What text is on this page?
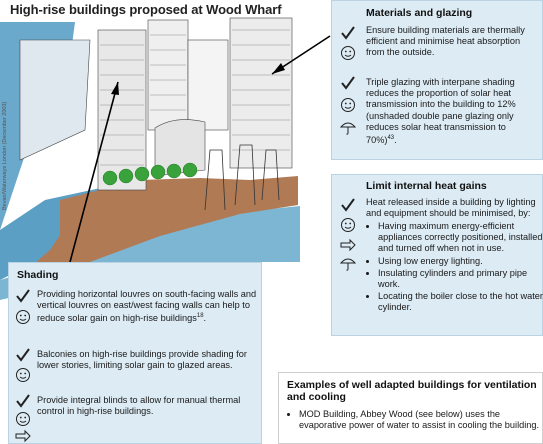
High-rise buildings proposed at Wood Wharf
Bevan/Waterways London (December 2003)
Materials and glazing
Ensure building materials are thermally efficient and minimise heat absorption from the outside.
Triple glazing with interpane shading reduces the proportion of solar heat transmission into the building to 12% (unshaded double pane glazing only reduces solar heat transmission to 70%)$^{43}$.
Limit internal heat gains
Heat released inside a building by lighting and equipment should be minimised, by:
• Having maximum energy-efficient appliances correctly positioned, installed and turned off when not in use.
• Using low energy lighting.
• Insulating cylinders and primary pipe work.
• Locating the boiler close to the hot water cylinder.
Shading
Providing horizontal louvres on south-facing walls and vertical louvres on east/west facing walls can help to reduce solar gain on high-rise buildings$^{18}$.
Balconies on high-rise buildings provide shading for lower stories, limiting solar gain to glazed areas.
Provide integral blinds to allow for manual thermal control in high-rise buildings.
Examples of well adapted buildings for ventilation and cooling
• MOD Building, Abbey Wood (see below) uses the evaporative power of water to assist in cooling the building.
